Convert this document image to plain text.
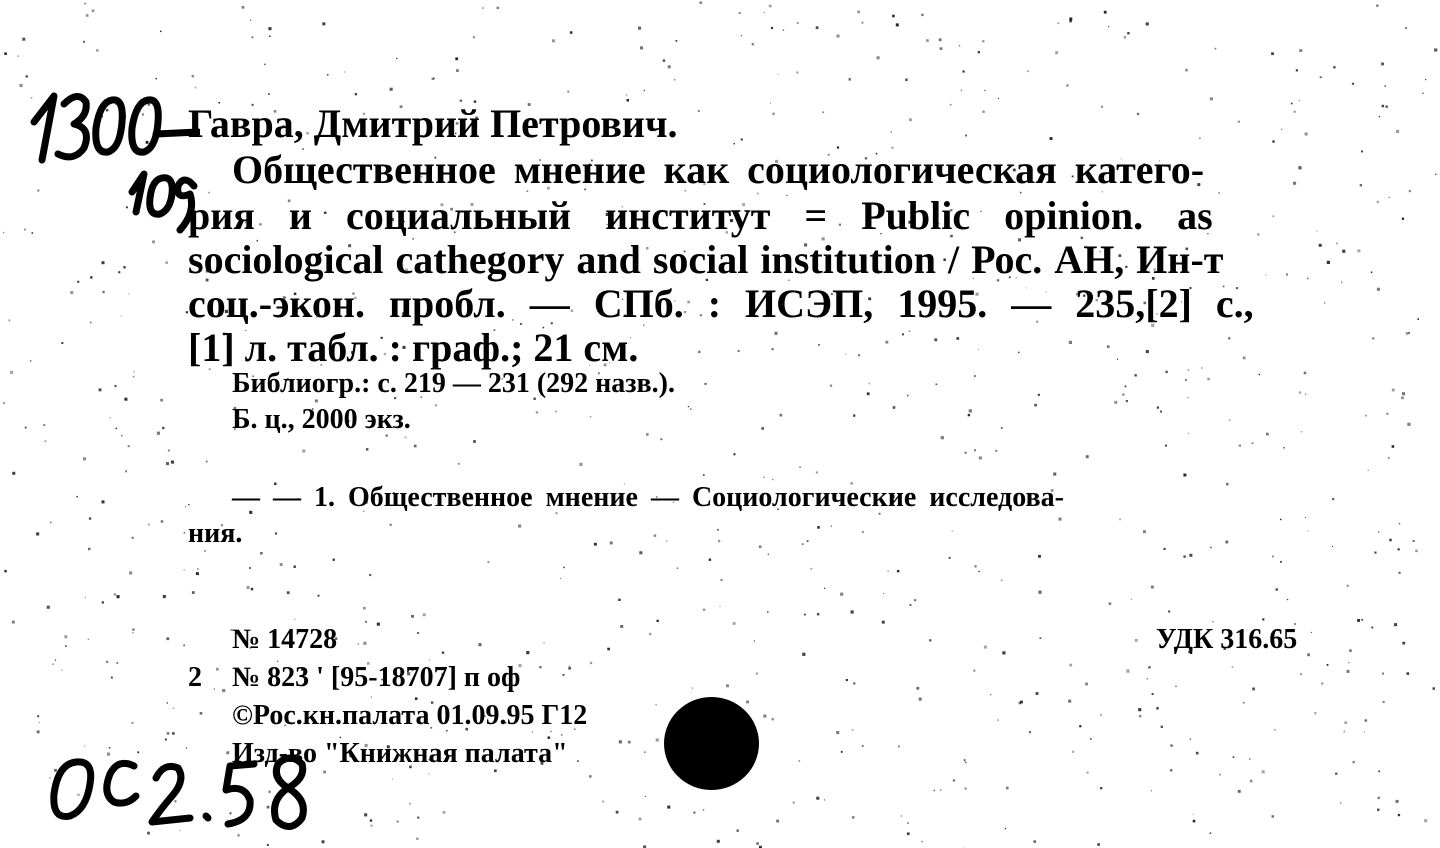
Гавра, Дмитрий Петрович.
Общественное мнение как социологическая катего-
рия и социальный институт = Public opinion. as
sociological cathegory and social institution / Рос. АН, Ин-т
соц.-экон. пробл. — СПб. : ИСЭП, 1995. — 235,[2] с.,
[1] л. табл. : граф.; 21 см.
Библиогр.: с. 219 — 231 (292 назв.).
Б. ц., 2000 экз.
— — 1. Общественное мнение — Социологические исследова-
ния.
№ 14728	УДК 316.65
2 № 823 ' [95-18707] п оф
©Рос.кн.палата 01.09.95 Г12
Изд-во "Книжная палата"
